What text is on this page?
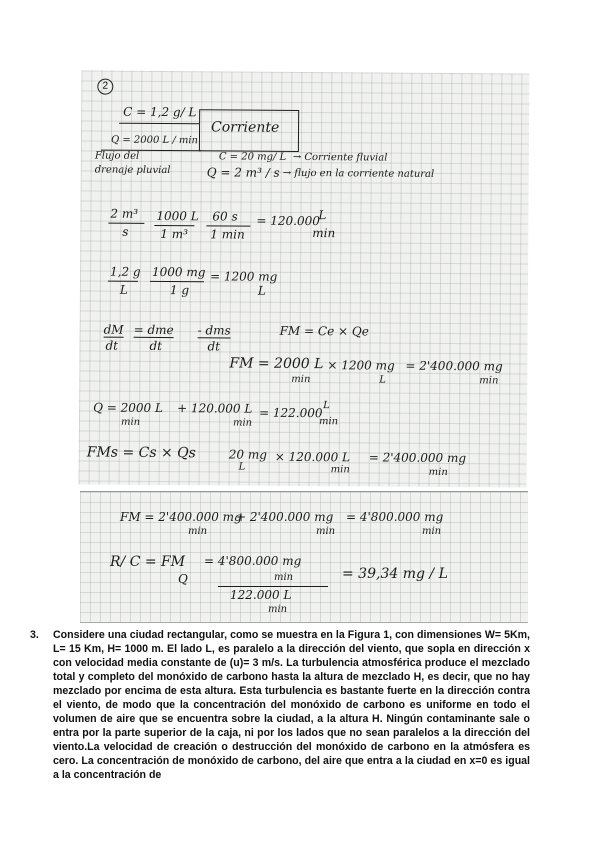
2
C = 1,2 g/ L
Q = 2000 L / min
Flujo del
drenaje pluvial
Corriente
C = 20 mg/ L → Corriente fluvial
Q = 2 m³ / s → flujo en la corriente natural
2 m³
s
1000 L
1 m³
60 s
1 min
= 120.000
L
min
1,2 g
L
1000 mg
1 g
= 1200 mg
L
dM
dt
= dme
dt
- dms
dt
FM = Ce × Qe
FM = 2000 L
min
× 1200 mg
L
= 2'400.000 mg
min
Q = 2000 L
min
+ 120.000 L
min
= 122.000
L
min
FMs = Cs × Qs	20 mg
L
× 120.000 L
min
= 2'400.000 mg
min
FM = 2'400.000 mg
min
+ 2'400.000 mg
min
= 4'800.000 mg
min
R/ C = FM
Q
= 4'800.000 mg
min
122.000 L
min
= 39,34 mg / L
3. Considere una ciudad rectangular, como se muestra en la Figura 1, con dimensiones W= 5Km, L= 15 Km, H= 1000 m. El lado L, es paralelo a la dirección del viento, que sopla en dirección x con velocidad media constante de (u)= 3 m/s. La turbulencia atmosférica produce el mezclado total y completo del monóxido de carbono hasta la altura de mezclado H, es decir, que no hay mezclado por encima de esta altura. Esta turbulencia es bastante fuerte en la dirección contra el viento, de modo que la concentración del monóxido de carbono es uniforme en todo el volumen de aire que se encuentra sobre la ciudad, a la altura H. Ningún contaminante sale o entra por la parte superior de la caja, ni por los lados que no sean paralelos a la dirección del viento.La velocidad de creación o destrucción del monóxido de carbono en la atmósfera es cero. La concentración de monóxido de carbono, del aire que entra a la ciudad en x=0 es igual a la concentración de
